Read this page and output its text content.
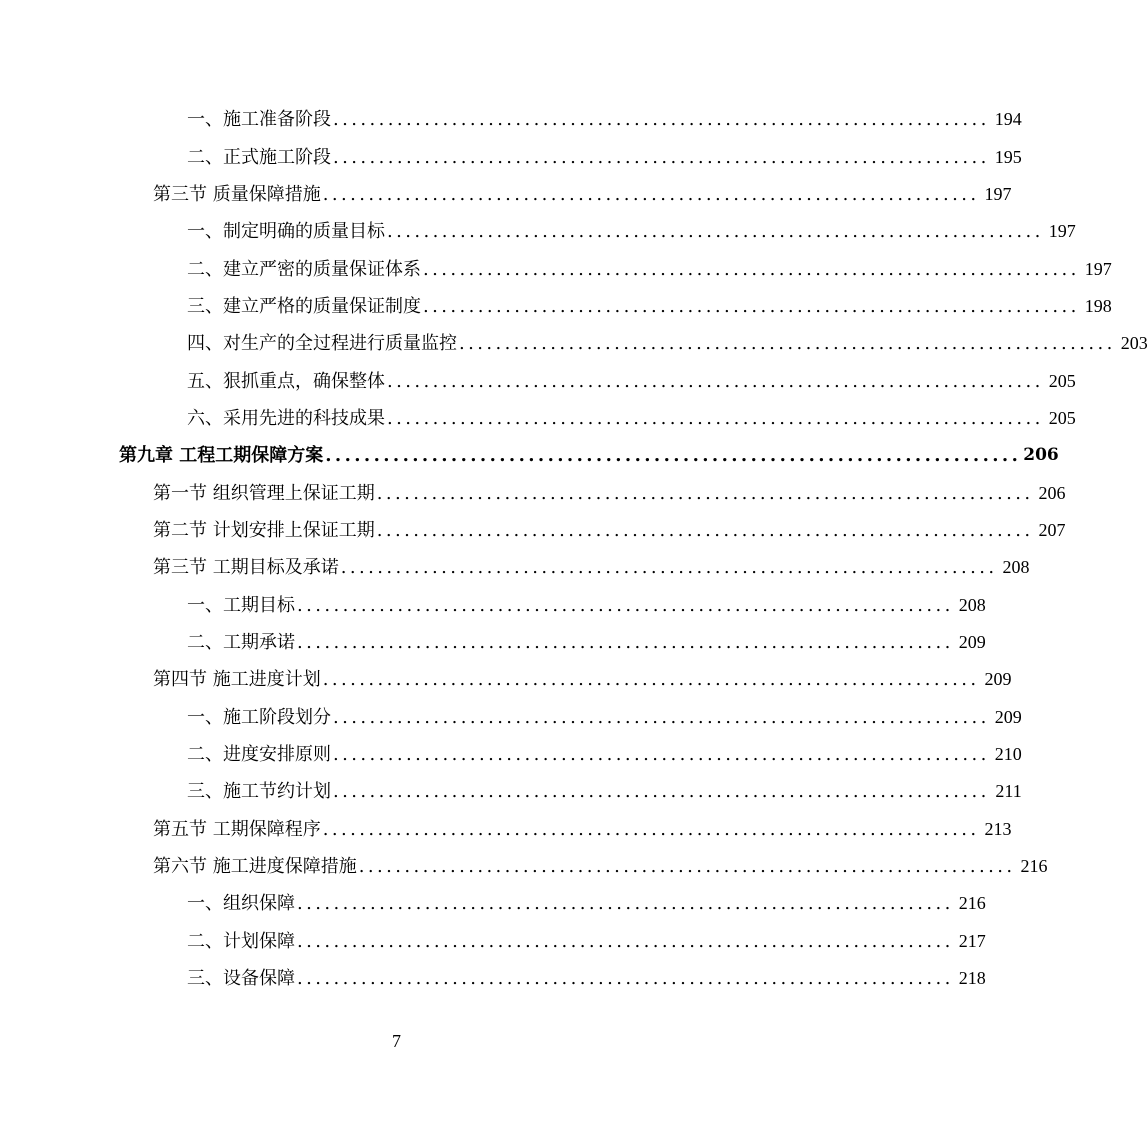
一、施工准备阶段 ........................................................................ 194
二、正式施工阶段 ........................................................................ 195
第三节 质量保障措施 ........................................................................ 197
一、制定明确的质量目标 ........................................................................ 197
二、建立严密的质量保证体系 ........................................................................ 197
三、建立严格的质量保证制度 ........................................................................ 198
四、对生产的全过程进行质量监控 ........................................................................ 203
五、狠抓重点，确保整体 ........................................................................ 205
六、采用先进的科技成果 ........................................................................ 205
第九章 工程工期保障方案 ........................................................................ 206
第一节 组织管理上保证工期 ........................................................................ 206
第二节 计划安排上保证工期 ........................................................................ 207
第三节 工期目标及承诺 ........................................................................ 208
一、工期目标 ........................................................................ 208
二、工期承诺 ........................................................................ 209
第四节 施工进度计划 ........................................................................ 209
一、施工阶段划分 ........................................................................ 209
二、进度安排原则 ........................................................................ 210
三、施工节约计划 ........................................................................ 211
第五节 工期保障程序 ........................................................................ 213
第六节 施工进度保障措施 ........................................................................ 216
一、组织保障 ........................................................................ 216
二、计划保障 ........................................................................ 217
三、设备保障 ........................................................................ 218
7
